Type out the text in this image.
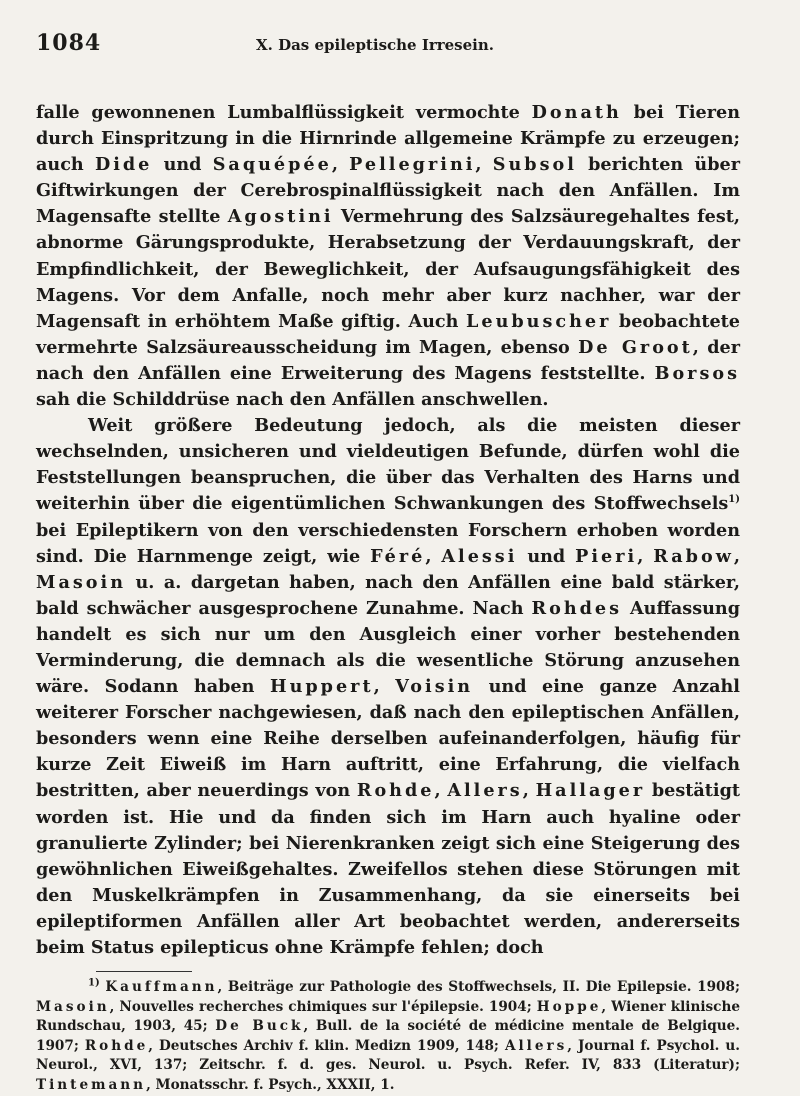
1084	X. Das epileptische Irresein.

falle gewonnenen Lumbalflüssigkeit vermochte Donath bei Tieren durch Einspritzung in die Hirnrinde allgemeine Krämpfe zu erzeugen; auch Dide und Saquépée, Pellegrini, Subsol berichten über Giftwirkungen der Cerebrospinalflüssigkeit nach den Anfällen. Im Magensafte stellte Agostini Vermehrung des Salzsäuregehaltes fest, abnorme Gärungsprodukte, Herabsetzung der Verdauungskraft, der Empfindlichkeit, der Beweglichkeit, der Aufsaugungsfähigkeit des Magens. Vor dem Anfalle, noch mehr aber kurz nachher, war der Magensaft in erhöhtem Maße giftig. Auch Leubuscher beobachtete vermehrte Salzsäureausscheidung im Magen, ebenso De Groot, der nach den Anfällen eine Erweiterung des Magens feststellte. Borsos sah die Schilddrüse nach den Anfällen anschwellen.

Weit größere Bedeutung jedoch, als die meisten dieser wechselnden, unsicheren und vieldeutigen Befunde, dürfen wohl die Feststellungen beanspruchen, die über das Verhalten des Harns und weiterhin über die eigentümlichen Schwankungen des Stoffwechsels$^{1)}$ bei Epileptikern von den verschiedensten Forschern erhoben worden sind. Die Harnmenge zeigt, wie Féré, Alessi und Pieri, Rabow, Masoin u. a. dargetan haben, nach den Anfällen eine bald stärker, bald schwächer ausgesprochene Zunahme. Nach Rohdes Auffassung handelt es sich nur um den Ausgleich einer vorher bestehenden Verminderung, die demnach als die wesentliche Störung anzusehen wäre. Sodann haben Huppert, Voisin und eine ganze Anzahl weiterer Forscher nachgewiesen, daß nach den epileptischen Anfällen, besonders wenn eine Reihe derselben aufeinanderfolgen, häufig für kurze Zeit Eiweiß im Harn auftritt, eine Erfahrung, die vielfach bestritten, aber neuerdings von Rohde, Allers, Hallager bestätigt worden ist. Hie und da finden sich im Harn auch hyaline oder granulierte Zylinder; bei Nierenkranken zeigt sich eine Steigerung des gewöhnlichen Eiweißgehaltes. Zweifellos stehen diese Störungen mit den Muskelkrämpfen in Zusammenhang, da sie einerseits bei epileptiformen Anfällen aller Art beobachtet werden, andererseits beim Status epilepticus ohne Krämpfe fehlen; doch

$^{1)}$ Kauffmann, Beiträge zur Pathologie des Stoffwechsels, II. Die Epilepsie. 1908; Masoin, Nouvelles recherches chimiques sur l'épilepsie. 1904; Hoppe, Wiener klinische Rundschau, 1903, 45; De Buck, Bull. de la société de médicine mentale de Belgique. 1907; Rohde, Deutsches Archiv f. klin. Medizn 1909, 148; Allers, Journal f. Psychol. u. Neurol., XVI, 137; Zeitschr. f. d. ges. Neurol. u. Psych. Refer. IV, 833 (Literatur); Tintemann, Monatsschr. f. Psych., XXXII, 1.
